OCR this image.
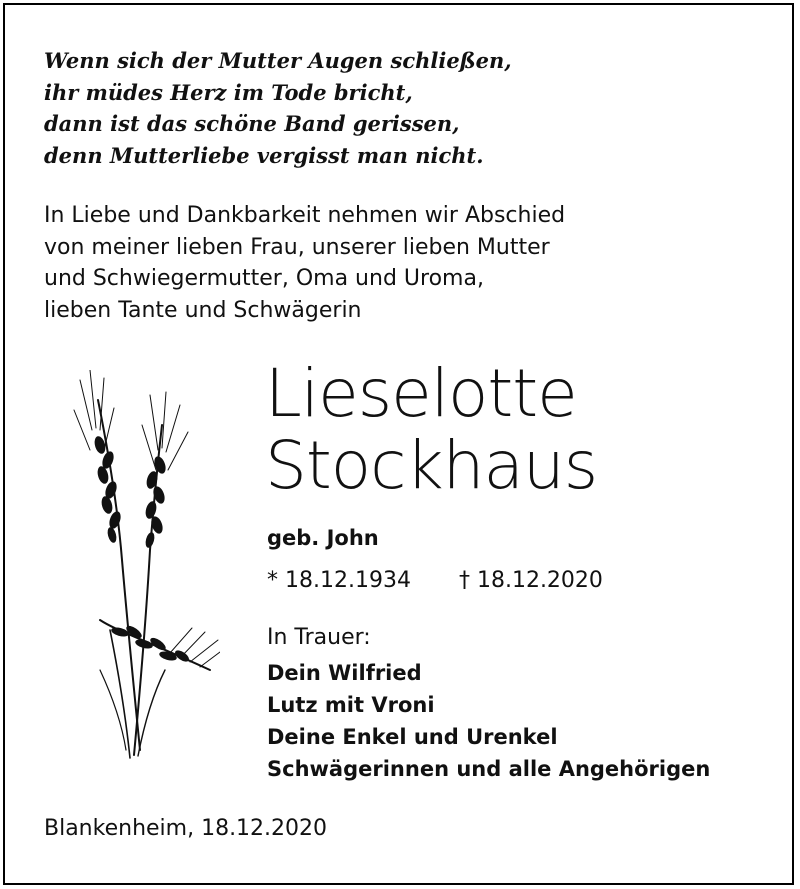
Wenn sich der Mutter Augen schließen,
ihr müdes Herz im Tode bricht,
dann ist das schöne Band gerissen,
denn Mutterliebe vergisst man nicht.
In Liebe und Dankbarkeit nehmen wir Abschied
von meiner lieben Frau, unserer lieben Mutter
und Schwiegermutter, Oma und Uroma,
lieben Tante und Schwägerin
Lieselotte
Stockhaus
geb. John
* 18.12.1934 † 18.12.2020
In Trauer:
Dein Wilfried
Lutz mit Vroni
Deine Enkel und Urenkel
Schwägerinnen und alle Angehörigen
Blankenheim, 18.12.2020
